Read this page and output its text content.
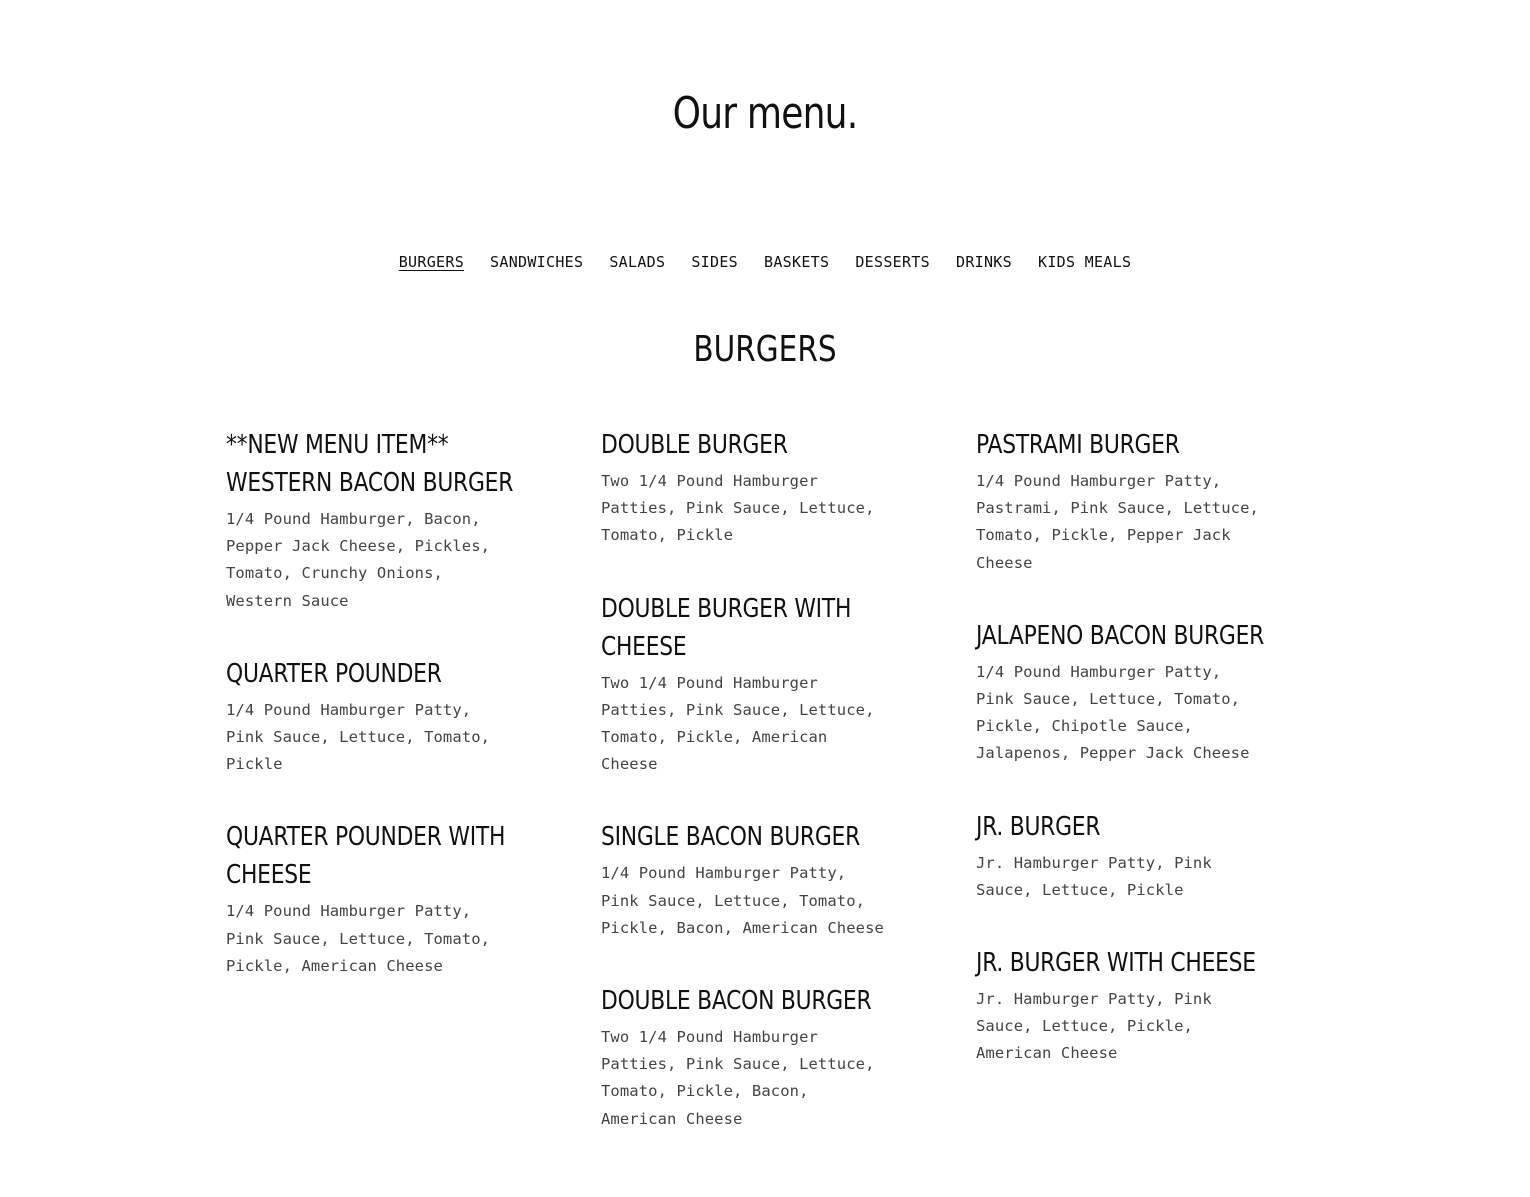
Our menu.
BURGERS SANDWICHES SALADS SIDES BASKETS DESSERTS DRINKS KIDS MEALS
BURGERS
**NEW MENU ITEM** WESTERN BACON BURGER
1/4 Pound Hamburger, Bacon, Pepper Jack Cheese, Pickles, Tomato, Crunchy Onions, Western Sauce
QUARTER POUNDER
1/4 Pound Hamburger Patty, Pink Sauce, Lettuce, Tomato, Pickle
QUARTER POUNDER WITH CHEESE
1/4 Pound Hamburger Patty, Pink Sauce, Lettuce, Tomato, Pickle, American Cheese
DOUBLE BURGER
Two 1/4 Pound Hamburger Patties, Pink Sauce, Lettuce, Tomato, Pickle
DOUBLE BURGER WITH CHEESE
Two 1/4 Pound Hamburger Patties, Pink Sauce, Lettuce, Tomato, Pickle, American Cheese
SINGLE BACON BURGER
1/4 Pound Hamburger Patty, Pink Sauce, Lettuce, Tomato, Pickle, Bacon, American Cheese
DOUBLE BACON BURGER
Two 1/4 Pound Hamburger Patties, Pink Sauce, Lettuce, Tomato, Pickle, Bacon, American Cheese
PASTRAMI BURGER
1/4 Pound Hamburger Patty, Pastrami, Pink Sauce, Lettuce, Tomato, Pickle, Pepper Jack Cheese
JALAPENO BACON BURGER
1/4 Pound Hamburger Patty, Pink Sauce, Lettuce, Tomato, Pickle, Chipotle Sauce, Jalapenos, Pepper Jack Cheese
JR. BURGER
Jr. Hamburger Patty, Pink Sauce, Lettuce, Pickle
JR. BURGER WITH CHEESE
Jr. Hamburger Patty, Pink Sauce, Lettuce, Pickle, American Cheese
